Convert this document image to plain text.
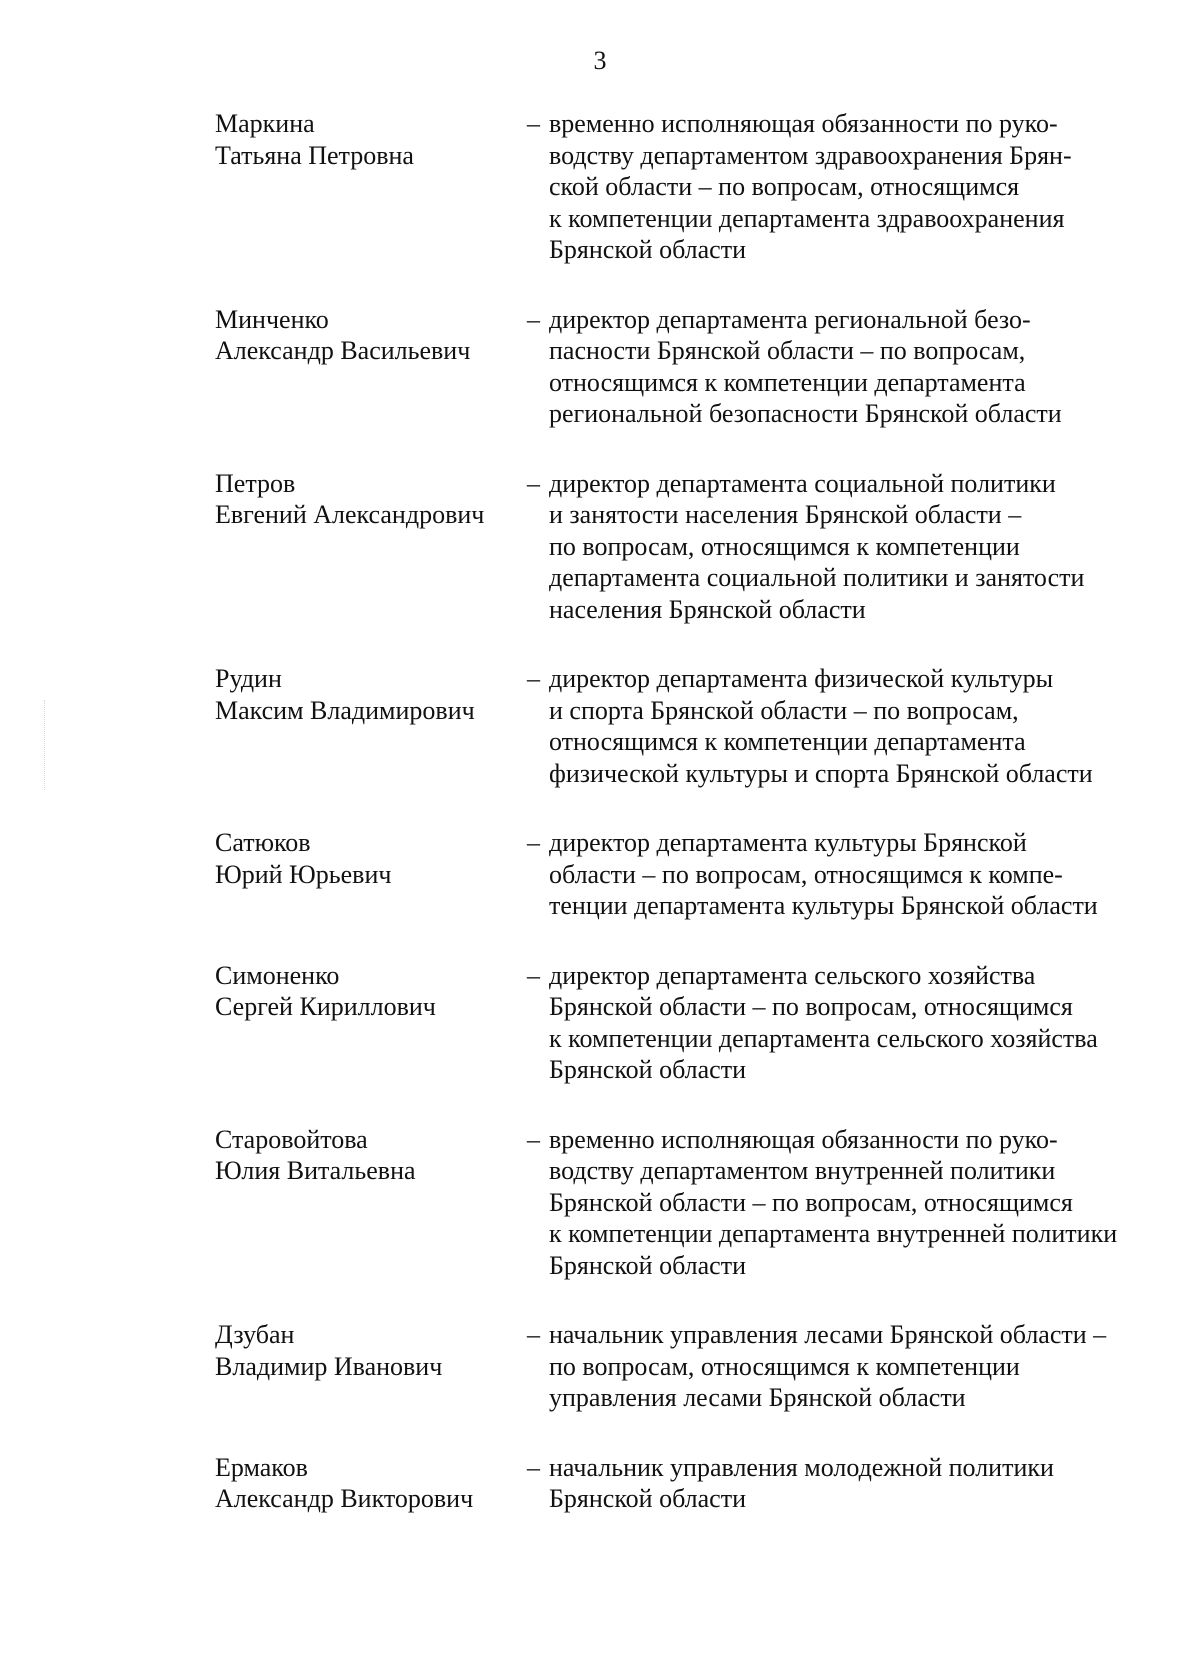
3
Маркина
Татьяна Петровна
– временно исполняющая обязанности по руко-
водству департаментом здравоохранения Брян-
ской области – по вопросам, относящимся
к компетенции департамента здравоохранения
Брянской области
Минченко
Александр Васильевич
– директор департамента региональной безо-
пасности Брянской области – по вопросам,
относящимся к компетенции департамента
региональной безопасности Брянской области
Петров
Евгений Александрович
– директор департамента социальной политики
и занятости населения Брянской области –
по вопросам, относящимся к компетенции
департамента социальной политики и занятости
населения Брянской области
Рудин
Максим Владимирович
– директор департамента физической культуры
и спорта Брянской области – по вопросам,
относящимся к компетенции департамента
физической культуры и спорта Брянской области
Сатюков
Юрий Юрьевич
– директор департамента культуры Брянской
области – по вопросам, относящимся к компе-
тенции департамента культуры Брянской области
Симоненко
Сергей Кириллович
– директор департамента сельского хозяйства
Брянской области – по вопросам, относящимся
к компетенции департамента сельского хозяйства
Брянской области
Старовойтова
Юлия Витальевна
– временно исполняющая обязанности по руко-
водству департаментом внутренней политики
Брянской области – по вопросам, относящимся
к компетенции департамента внутренней политики
Брянской области
Дзубан
Владимир Иванович
– начальник управления лесами Брянской области –
по вопросам, относящимся к компетенции
управления лесами Брянской области
Ермаков
Александр Викторович
– начальник управления молодежной политики
Брянской области
